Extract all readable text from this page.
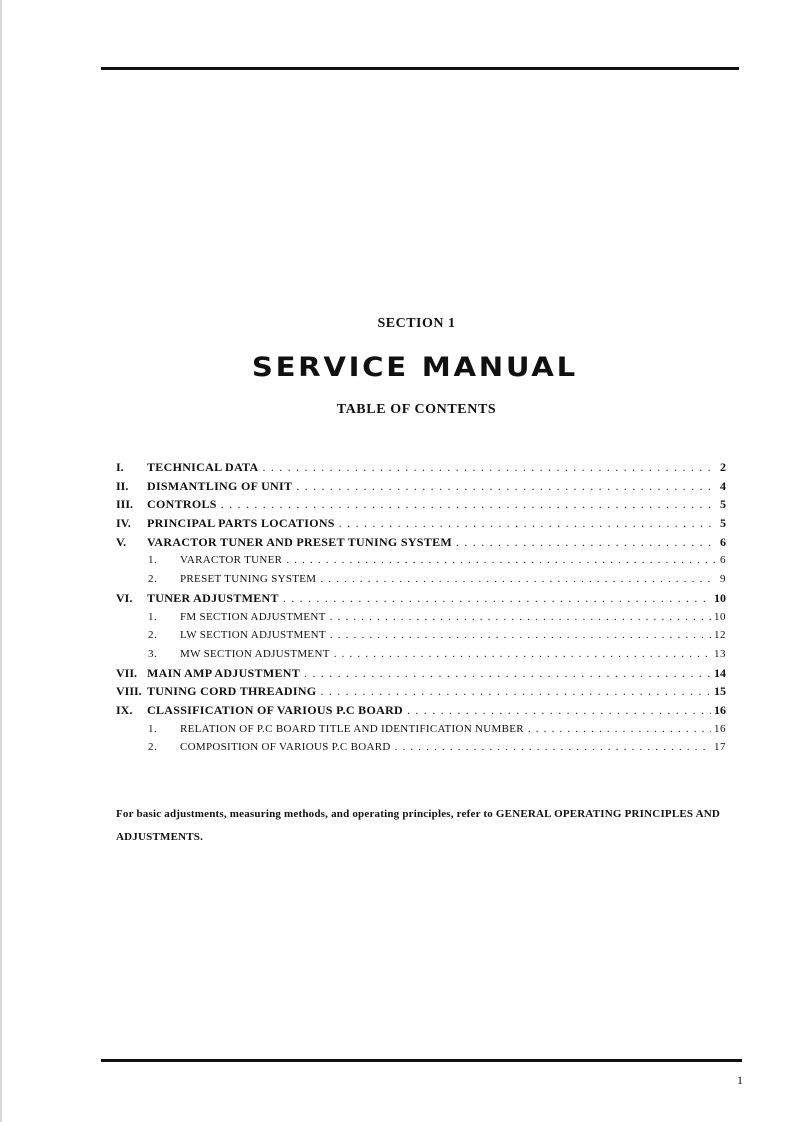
SECTION 1
SERVICE MANUAL
TABLE OF CONTENTS
I.	TECHNICAL DATA . . .	2
II.	DISMANTLING OF UNIT . . .	4
III.	CONTROLS . . .	5
IV.	PRINCIPAL PARTS LOCATIONS . . .	5
V.	VARACTOR TUNER AND PRESET TUNING SYSTEM . . .	6
1.	VARACTOR TUNER . . .	6
2.	PRESET TUNING SYSTEM . . .	9
VI.	TUNER ADJUSTMENT . . .	10
1.	FM SECTION ADJUSTMENT . . .	10
2.	LW SECTION ADJUSTMENT . . .	12
3.	MW SECTION ADJUSTMENT . . .	13
VII. MAIN AMP ADJUSTMENT . . .	14
VIII. TUNING CORD THREADING . . .	15
IX.	CLASSIFICATION OF VARIOUS P.C BOARD . . .	16
1.	RELATION OF P.C BOARD TITLE AND IDENTIFICATION NUMBER . . .	16
2.	COMPOSITION OF VARIOUS P.C BOARD . . .	17
For basic adjustments, measuring methods, and operating principles, refer to GENERAL OPERATING PRINCIPLES AND
ADJUSTMENTS.
1
